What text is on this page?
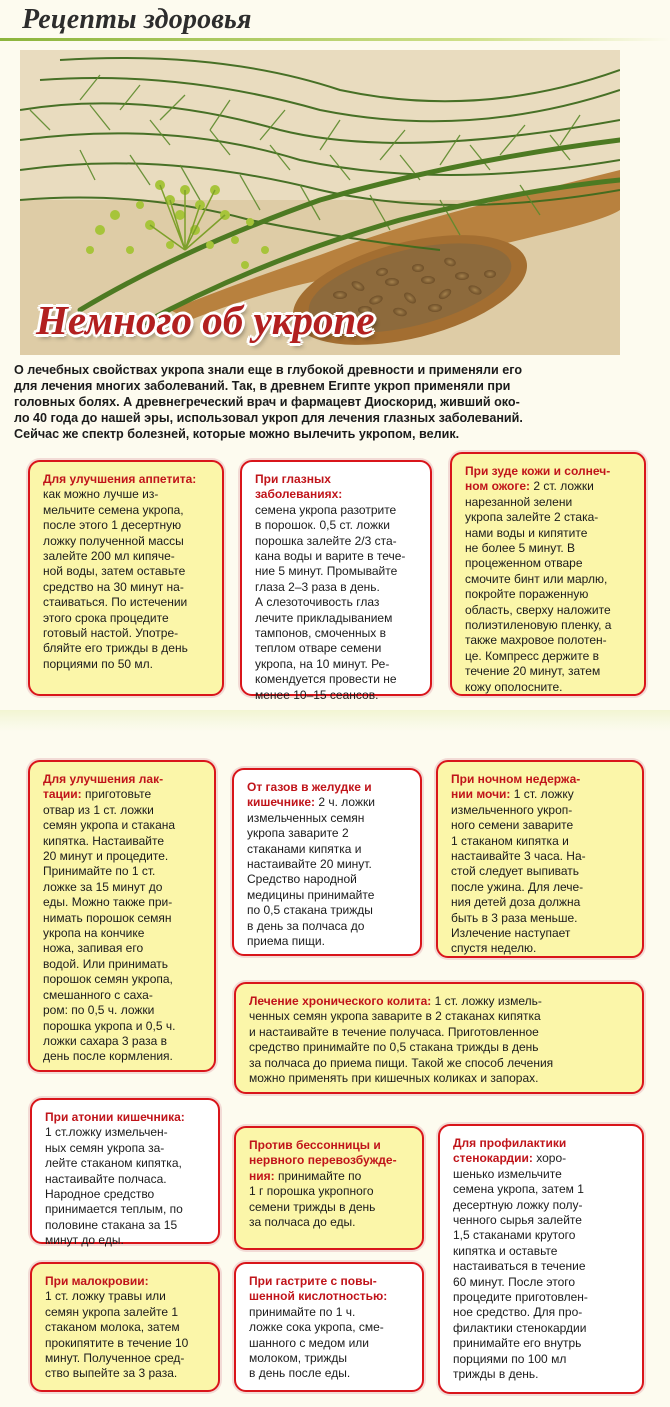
Рецепты здоровья
Немного об укропе

О лечебных свойствах укропа знали еще в глубокой древности и применяли его
для лечения многих заболеваний. Так, в древнем Египте укроп применяли при
головных болях. А древнегреческий врач и фармацевт Диоскорид, живший око-
ло 40 года до нашей эры, использовал укроп для лечения глазных заболеваний.
Сейчас же спектр болезней, которые можно вылечить укропом, велик.

Для улучшения аппетита:
как можно лучше из-
мельчите семена укропа,
после этого 1 десертную
ложку полученной массы
залейте 200 мл кипяче-
ной воды, затем оставьте
средство на 30 минут на-
стаиваться. По истечении
этого срока процедите
готовый настой. Употре-
бляйте его трижды в день
порциями по 50 мл.

При глазных заболеваниях:
семена укропа разотрите
в порошок. 0,5 ст. ложки
порошка залейте 2/3 ста-
кана воды и варите в тече-
ние 5 минут. Промывайте
глаза 2–3 раза в день.
А слезоточивость глаз
лечите прикладыванием
тампонов, смоченных в
теплом отваре семени
укропа, на 10 минут. Ре-
комендуется провести не
менее 10–15 сеансов.

При зуде кожи и солнеч-
ном ожоге: 2 ст. ложки
нарезанной зелени
укропа залейте 2 стака-
нами воды и кипятите
не более 5 минут. В
процеженном отваре
смочите бинт или марлю,
покройте пораженную
область, сверху наложите
полиэтиленовую пленку, а
также махровое полотен-
це. Компресс держите в
течение 20 минут, затем
кожу ополосните.

Для улучшения лак-
тации: приготовьте
отвар из 1 ст. ложки
семян укропа и стакана
кипятка. Настаивайте
20 минут и процедите.
Принимайте по 1 ст.
ложке за 15 минут до
еды. Можно также при-
нимать порошок семян
укропа на кончике
ножа, запивая его
водой. Или принимать
порошок семян укропа,
смешанного с саха-
ром: по 0,5 ч. ложки
порошка укропа и 0,5 ч.
ложки сахара 3 раза в
день после кормления.

От газов в желудке и
кишечнике: 2 ч. ложки
измельченных семян
укропа заварите 2
стаканами кипятка и
настаивайте 20 минут.
Средство народной
медицины принимайте
по 0,5 стакана трижды
в день за полчаса до
приема пищи.

При ночном недержа-
нии мочи: 1 ст. ложку
измельченного укроп-
ного семени заварите
1 стаканом кипятка и
настаивайте 3 часа. На-
стой следует выпивать
после ужина. Для лече-
ния детей доза должна
быть в 3 раза меньше.
Излечение наступает
спустя неделю.

Лечение хронического колита: 1 ст. ложку измель-
ченных семян укропа заварите в 2 стаканах кипятка
и настаивайте в течение получаса. Приготовленное
средство принимайте по 0,5 стакана трижды в день
за полчаса до приема пищи. Такой же способ лечения
можно применять при кишечных коликах и запорах.

При атонии кишечника:
1 ст.ложку измельчен-
ных семян укропа за-
лейте стаканом кипятка,
настаивайте полчаса.
Народное средство
принимается теплым, по
половине стакана за 15
минут до еды.

Против бессонницы и
нервного перевозбужде-
ния: принимайте по
1 г порошка укропного
семени трижды в день
за полчаса до еды.

Для профилактики
стенокардии: хоро-
шенько измельчите
семена укропа, затем 1
десертную ложку полу-
ченного сырья залейте
1,5 стаканами крутого
кипятка и оставьте
настаиваться в течение
60 минут. После этого
процедите приготовлен-
ное средство. Для про-
филактики стенокардии
принимайте его внутрь
порциями по 100 мл
трижды в день.

При малокровии:
1 ст. ложку травы или
семян укропа залейте 1
стаканом молока, затем
прокипятите в течение 10
минут. Полученное сред-
ство выпейте за 3 раза.

При гастрите с повы-
шенной кислотностью:
принимайте по 1 ч.
ложке сока укропа, сме-
шанного с медом или
молоком, трижды
в день после еды.
